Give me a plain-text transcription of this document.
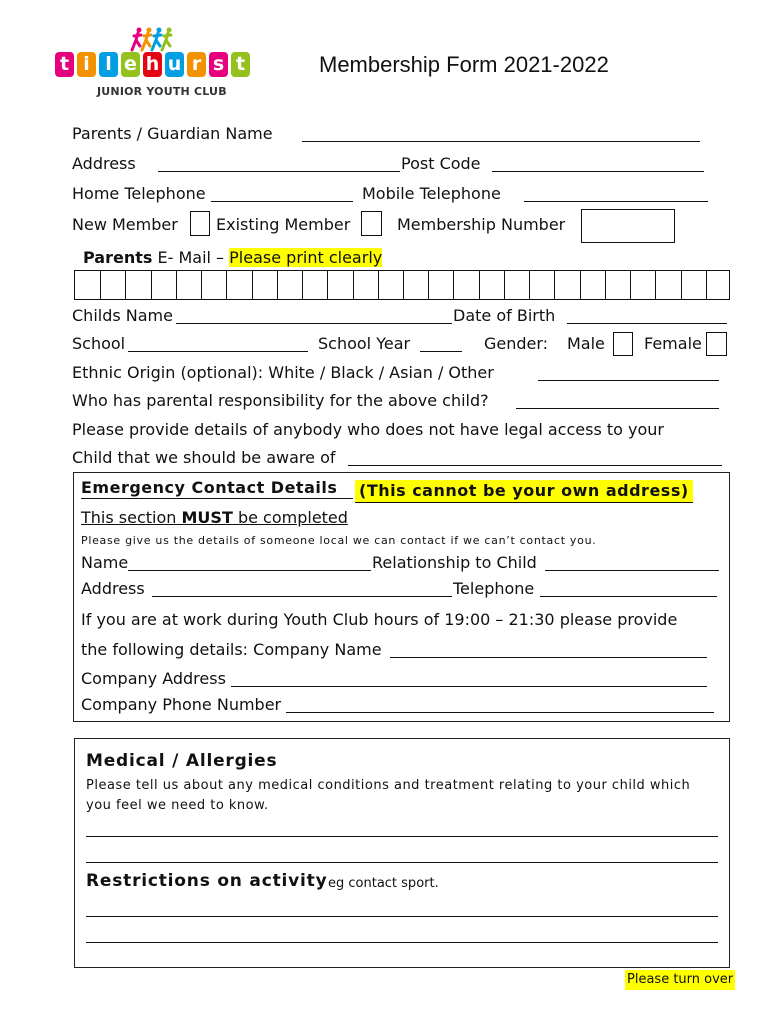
t i l e h u r s t
JUNIOR YOUTH CLUB
Membership Form 2021-2022
Parents / Guardian Name
Address	Post Code
Home Telephone	Mobile Telephone
New Member Existing Member	Membership Number
Parents E- Mail – Please print clearly
Childs Name	Date of Birth
School	School Year	Gender: Male Female
Ethnic Origin (optional): White / Black / Asian / Other
Who has parental responsibility for the above child?
Please provide details of anybody who does not have legal access to your
Child that we should be aware of
Emergency Contact Details (This cannot be your own address)
This section MUST be completed
Please give us the details of someone local we can contact if we can’t contact you.
Name	Relationship to Child
Address	Telephone
If you are at work during Youth Club hours of 19:00 – 21:30 please provide
the following details: Company Name
Company Address
Company Phone Number
Medical / Allergies
Please tell us about any medical conditions and treatment relating to your child which
you feel we need to know.
Restrictions on activity eg contact sport.
Please turn over
